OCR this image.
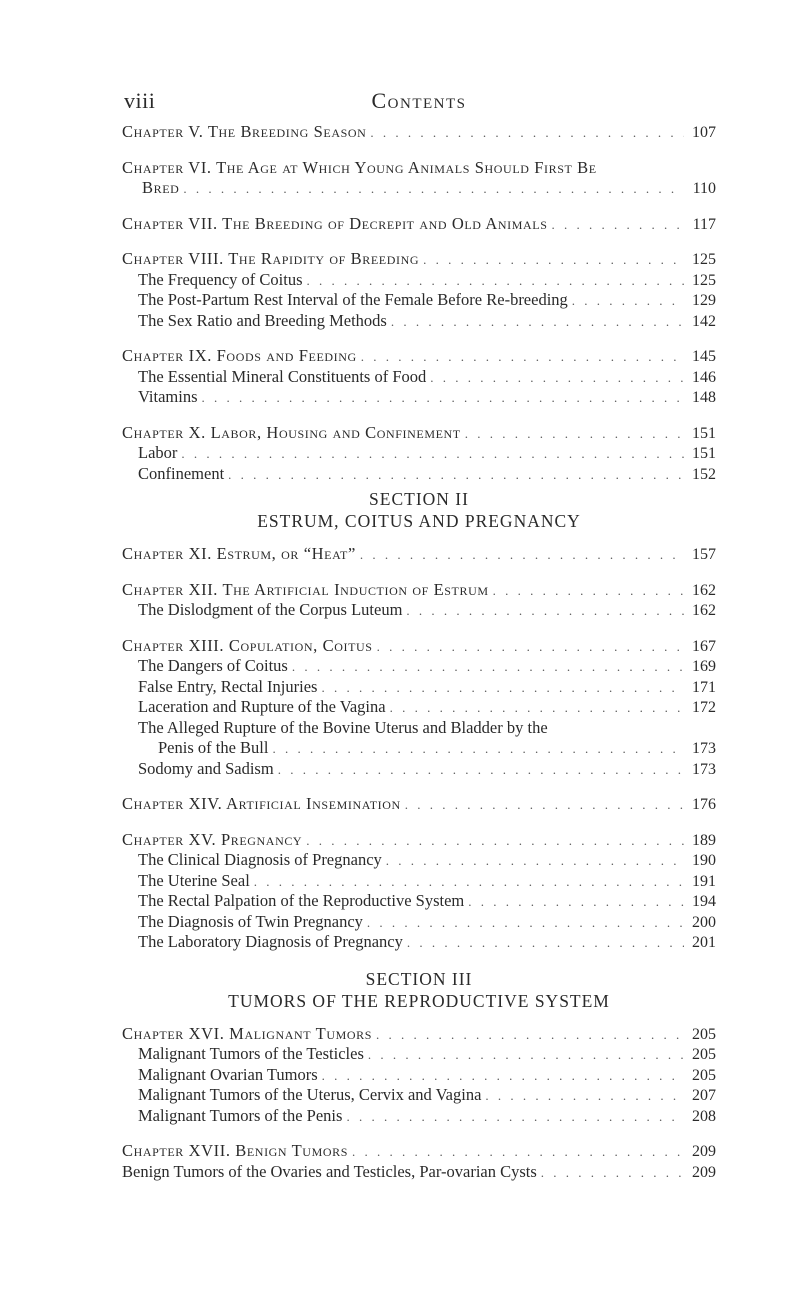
viii	Contents
Chapter V. The Breeding Season . . .	107
Chapter VI. The Age at Which Young Animals Should First Be
Bred . . .	110
Chapter VII. The Breeding of Decrepit and Old Animals . . .	117
Chapter VIII. The Rapidity of Breeding . . .	125
The Frequency of Coitus . . .	125
The Post-Partum Rest Interval of the Female Before Re-breeding . . .	129
The Sex Ratio and Breeding Methods . . .	142
Chapter IX. Foods and Feeding . . .	145
The Essential Mineral Constituents of Food . . .	146
Vitamins . . .	148
Chapter X. Labor, Housing and Confinement . . .	151
Labor . . .	151
Confinement . . .	152
SECTION II
ESTRUM, COITUS AND PREGNANCY
Chapter XI. Estrum, or “Heat” . . .	157
Chapter XII. The Artificial Induction of Estrum . . .	162
The Dislodgment of the Corpus Luteum . . .	162
Chapter XIII. Copulation, Coitus . . .	167
The Dangers of Coitus . . .	169
False Entry, Rectal Injuries . . .	171
Laceration and Rupture of the Vagina . . .	172
The Alleged Rupture of the Bovine Uterus and Bladder by the
Penis of the Bull . . .	173
Sodomy and Sadism . . .	173
Chapter XIV. Artificial Insemination . . .	176
Chapter XV. Pregnancy . . .	189
The Clinical Diagnosis of Pregnancy . . .	190
The Uterine Seal . . .	191
The Rectal Palpation of the Reproductive System . . .	194
The Diagnosis of Twin Pregnancy . . .	200
The Laboratory Diagnosis of Pregnancy . . .	201
SECTION III
TUMORS OF THE REPRODUCTIVE SYSTEM
Chapter XVI. Malignant Tumors . . .	205
Malignant Tumors of the Testicles . . .	205
Malignant Ovarian Tumors . . .	205
Malignant Tumors of the Uterus, Cervix and Vagina . . .	207
Malignant Tumors of the Penis . . .	208
Chapter XVII. Benign Tumors . . .	209
Benign Tumors of the Ovaries and Testicles, Par-ovarian Cysts . . .	209
